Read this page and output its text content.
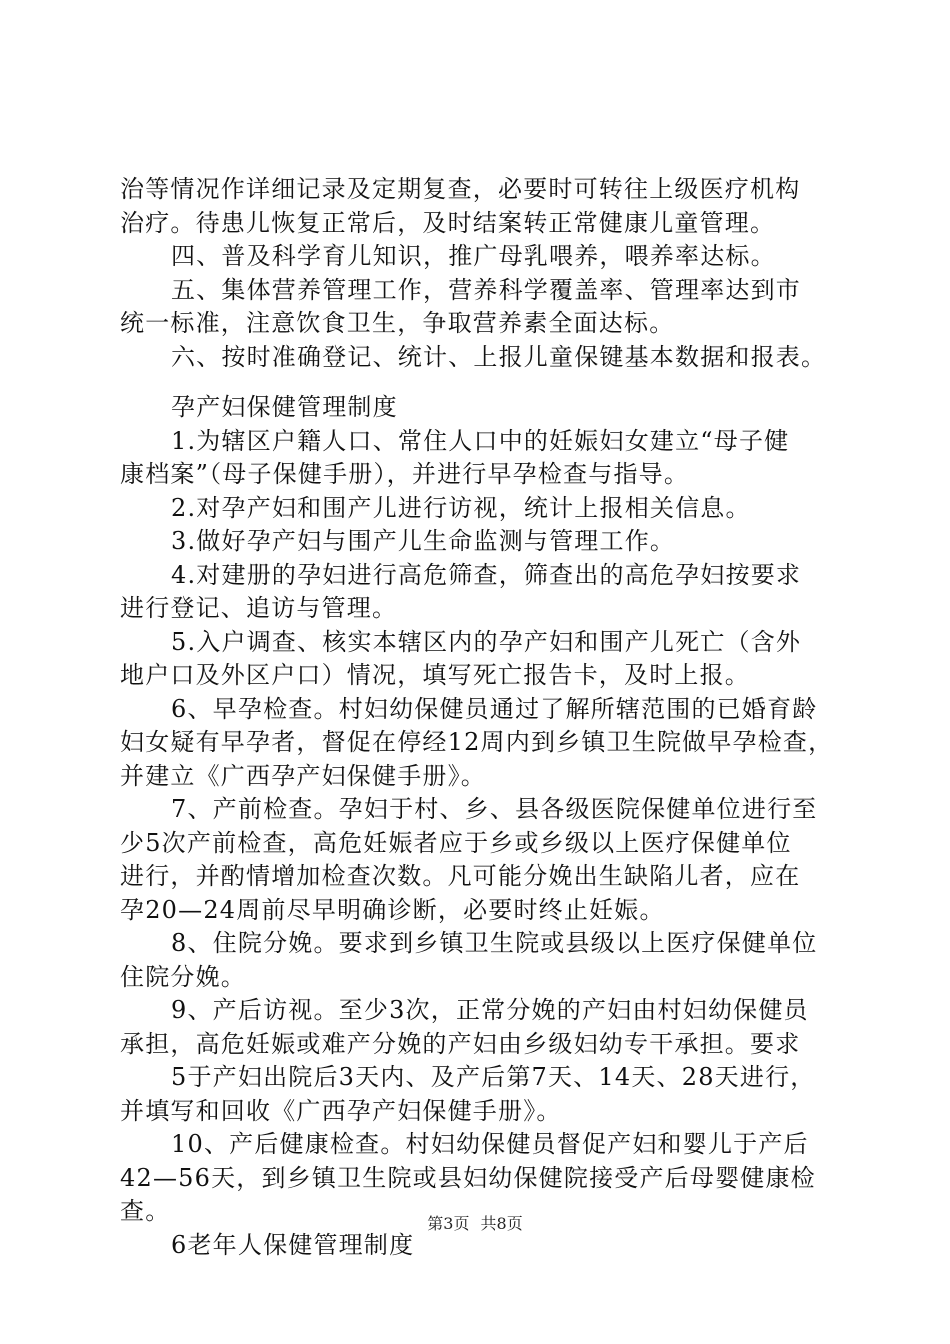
治等情况作详细记录及定期复查，必要时可转往上级医疗机构
治疗。待患儿恢复正常后，及时结案转正常健康儿童管理。
四、普及科学育儿知识，推广母乳喂养，喂养率达标。
五、集体营养管理工作，营养科学覆盖率、管理率达到市
统一标准，注意饮食卫生，争取营养素全面达标。
六、按时准确登记、统计、上报儿童保键基本数据和报表。
孕产妇保健管理制度
1.为辖区户籍人口、常住人口中的妊娠妇女建立“母子健
康档案”（母子保健手册），并进行早孕检查与指导。
2.对孕产妇和围产儿进行访视，统计上报相关信息。
3.做好孕产妇与围产儿生命监测与管理工作。
4.对建册的孕妇进行高危筛查，筛查出的高危孕妇按要求
进行登记、追访与管理。
5.入户调查、核实本辖区内的孕产妇和围产儿死亡（含外
地户口及外区户口）情况，填写死亡报告卡，及时上报。
6、早孕检查。村妇幼保健员通过了解所辖范围的已婚育龄
妇女疑有早孕者，督促在停经12周内到乡镇卫生院做早孕检查，
并建立《广西孕产妇保健手册》。
7、产前检查。孕妇于村、乡、县各级医院保健单位进行至
少5次产前检查，高危妊娠者应于乡或乡级以上医疗保健单位
进行，并酌情增加检查次数。凡可能分娩出生缺陷儿者，应在
孕20—24周前尽早明确诊断，必要时终止妊娠。
8、住院分娩。要求到乡镇卫生院或县级以上医疗保健单位
住院分娩。
9、产后访视。至少3次，正常分娩的产妇由村妇幼保健员
承担，高危妊娠或难产分娩的产妇由乡级妇幼专干承担。要求
5于产妇出院后3天内、及产后第7天、14天、28天进行，
并填写和回收《广西孕产妇保健手册》。
10、产后健康检查。村妇幼保健员督促产妇和婴儿于产后
42—56天，到乡镇卫生院或县妇幼保健院接受产后母婴健康检
查。
6老年人保健管理制度
第3页 共8页
